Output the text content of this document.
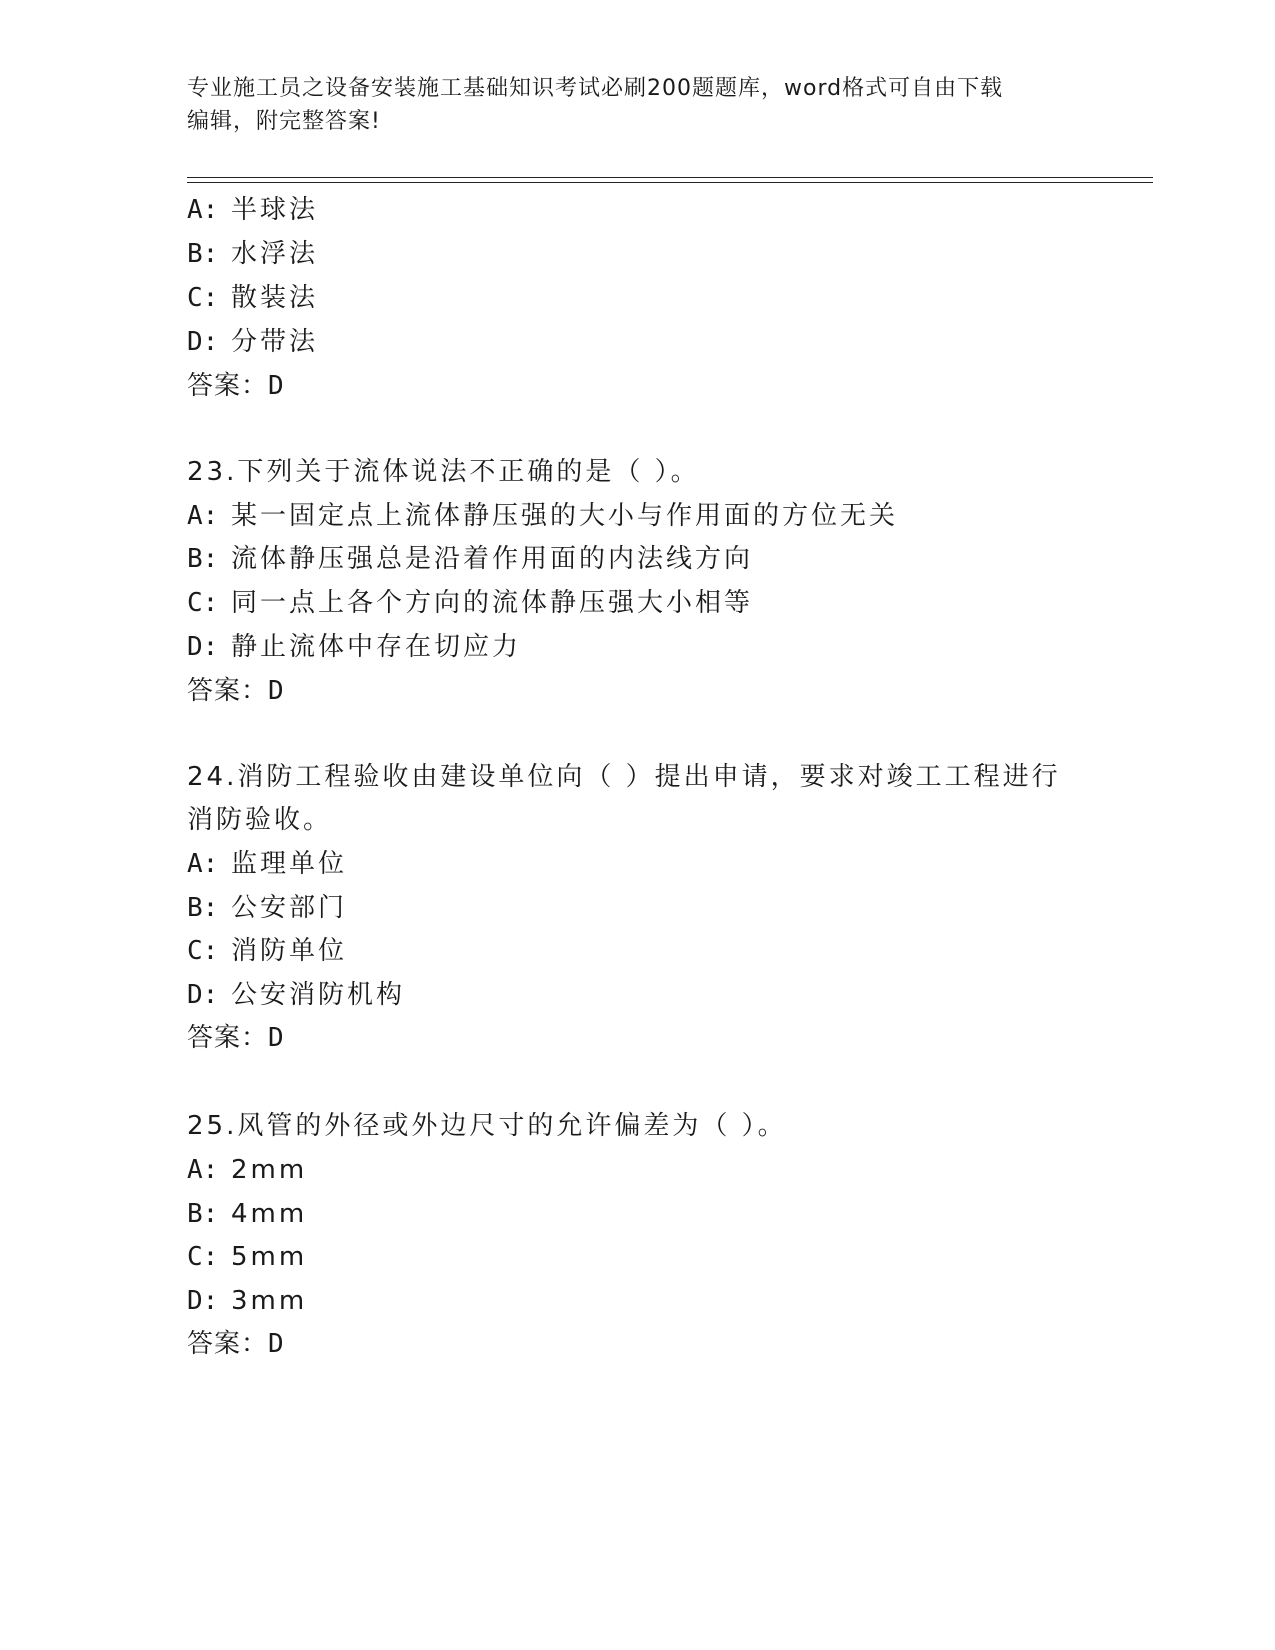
专业施工员之设备安装施工基础知识考试必刷200题题库，word格式可自由下载
编辑，附完整答案!
A: 半球法
B: 水浮法
C: 散装法
D: 分带法
答案：D
23.下列关于流体说法不正确的是（ ）。
A: 某一固定点上流体静压强的大小与作用面的方位无关
B: 流体静压强总是沿着作用面的内法线方向
C: 同一点上各个方向的流体静压强大小相等
D: 静止流体中存在切应力
答案：D
24.消防工程验收由建设单位向（ ）提出申请，要求对竣工工程进行
消防验收。
A: 监理单位
B: 公安部门
C: 消防单位
D: 公安消防机构
答案：D
25.风管的外径或外边尺寸的允许偏差为（ ）。
A: 2mm
B: 4mm
C: 5mm
D: 3mm
答案：D
